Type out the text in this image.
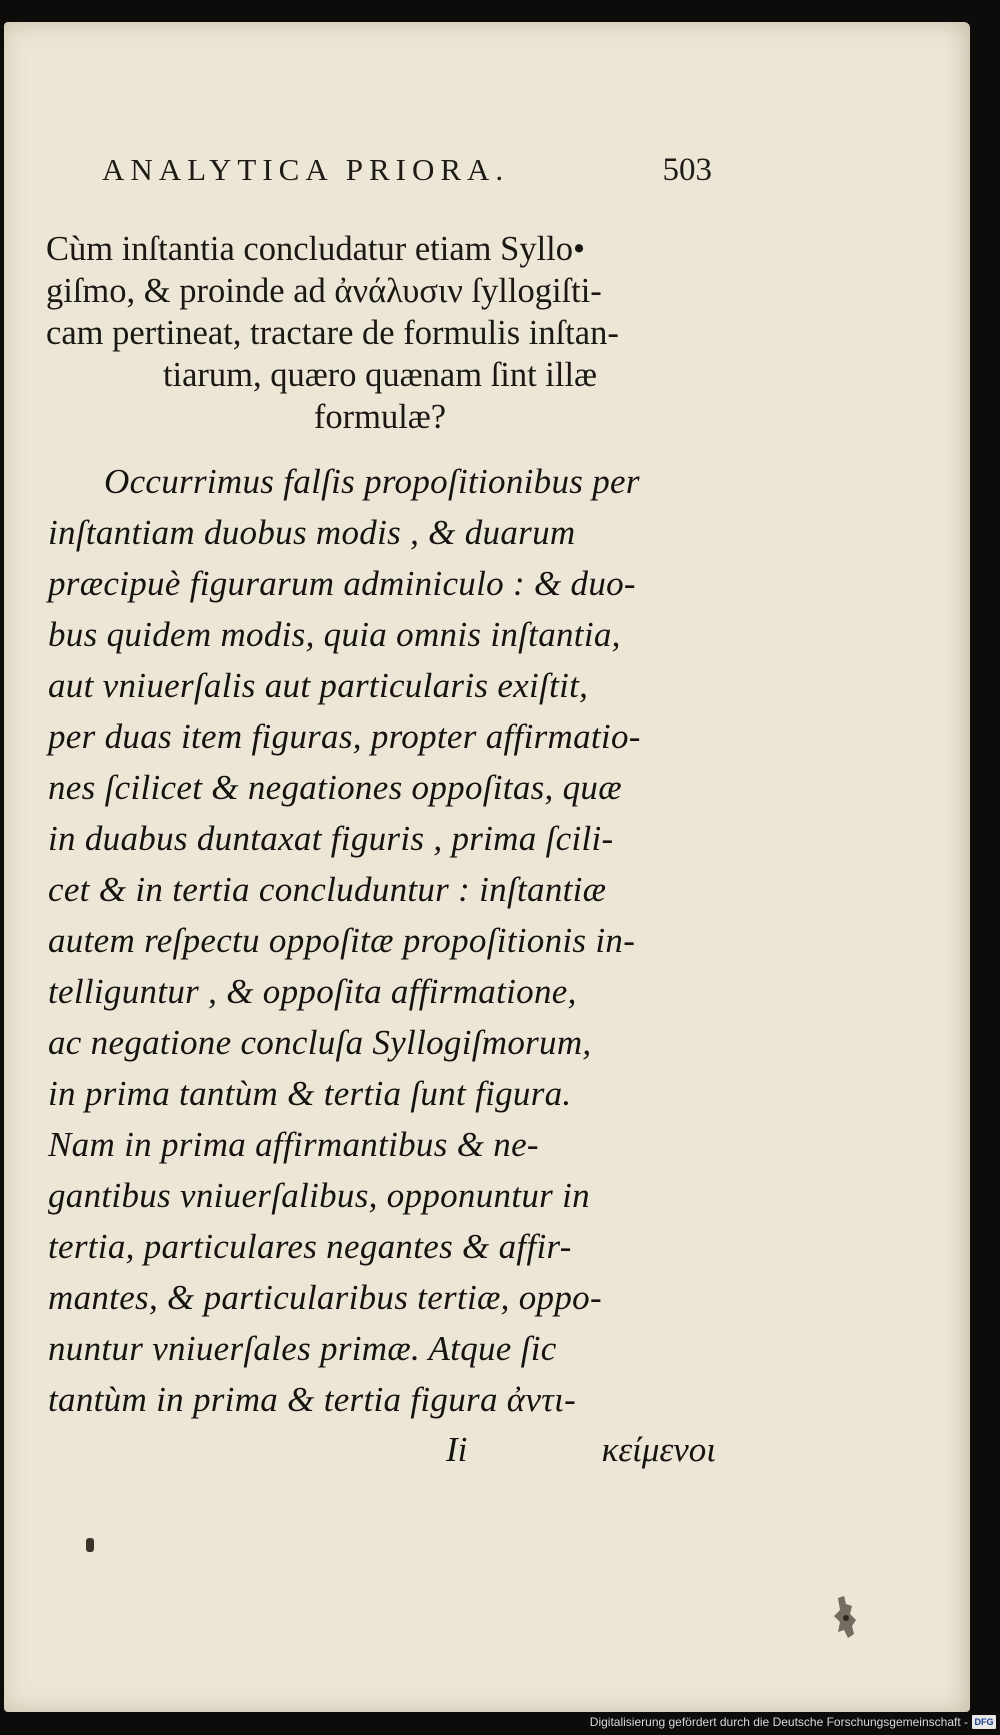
ANALYTICA PRIORA.	503
Cùm inſtantia concludatur etiam Syllo•
giſmo, & proinde ad ἀνάλυσιν ſyllogiſti-
cam pertineat, tractare de formulis inſtan-
tiarum, quæro quænam ſint illæ
formulæ?
Occurrimus falſis propoſitionibus per
inſtantiam duobus modis , & duarum
præcipuè figurarum adminiculo : & duo-
bus quidem modis, quia omnis inſtantia,
aut vniuerſalis aut particularis exiſtit,
per duas item figuras, propter affirmatio-
nes ſcilicet & negationes oppoſitas, quæ
in duabus duntaxat figuris , prima ſcili-
cet & in tertia concluduntur : inſtantiæ
autem reſpectu oppoſitæ propoſitionis in-
telliguntur , & oppoſita affirmatione,
ac negatione concluſa Syllogiſmorum,
in prima tantùm & tertia ſunt figura.
Nam in prima affirmantibus & ne-
gantibus vniuerſalibus, opponuntur in
tertia, particulares negantes & affir-
mantes, & particularibus tertiæ, oppo-
nuntur vniuerſales primæ. Atque ſic
tantùm in prima & tertia figura ἀντι-
Ii	κείμενοι
Digitalisierung gefördert durch die Deutsche Forschungsgemeinschaft - DFG
